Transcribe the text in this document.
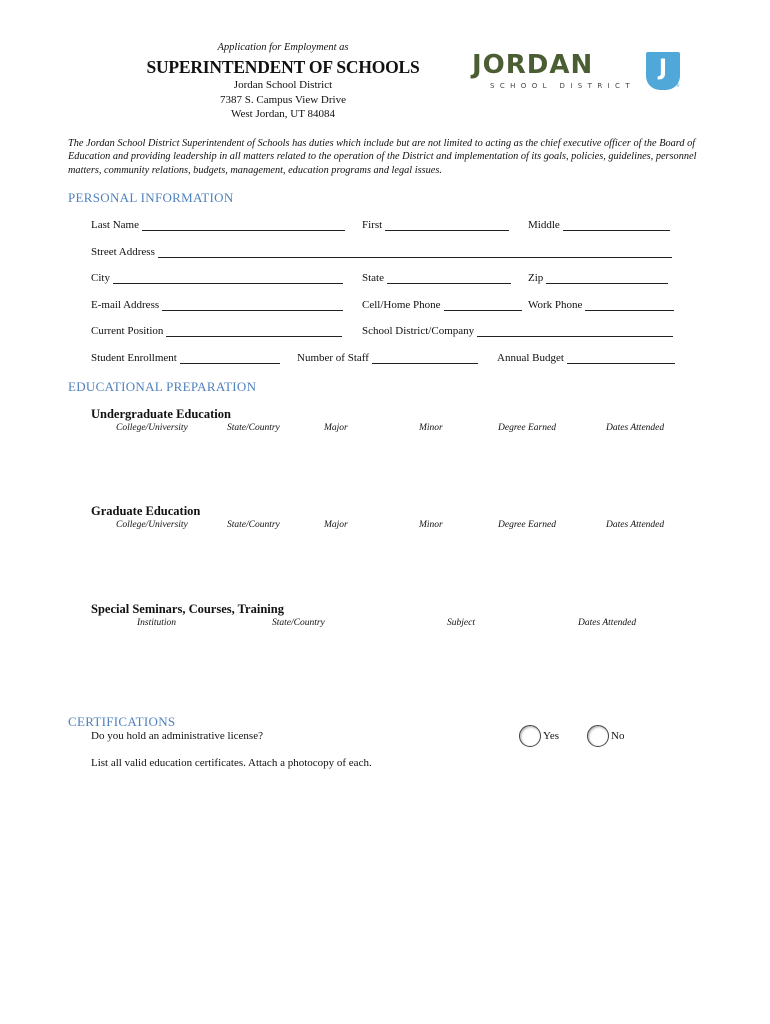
Application for Employment as
SUPERINTENDENT OF SCHOOLS
Jordan School District
7387 S. Campus View Drive
West Jordan, UT 84084
JORDAN
SCHOOL DISTRICT
J
®
The Jordan School District Superintendent of Schools has duties which include but are not limited to acting as the chief executive officer of the Board of Education and providing leadership in all matters related to the operation of the District and implementation of its goals, policies, guidelines, personnel matters, community relations, budgets, management, education programs and legal issues.
PERSONAL INFORMATION
Last Name	First	Middle
Street Address
City	State	Zip
E-mail Address	Cell/Home Phone	Work Phone
Current Position	School District/Company
Student Enrollment	Number of Staff	Annual Budget
EDUCATIONAL PREPARATION
Undergraduate Education
College/University	State/Country	Major	Minor	Degree Earned	Dates Attended
Graduate Education
College/University	State/Country	Major	Minor	Degree Earned	Dates Attended
Special Seminars, Courses, Training
Institution	State/Country	Subject	Dates Attended
CERTIFICATIONS
Do you hold an administrative license?	Yes	No
List all valid education certificates. Attach a photocopy of each.
